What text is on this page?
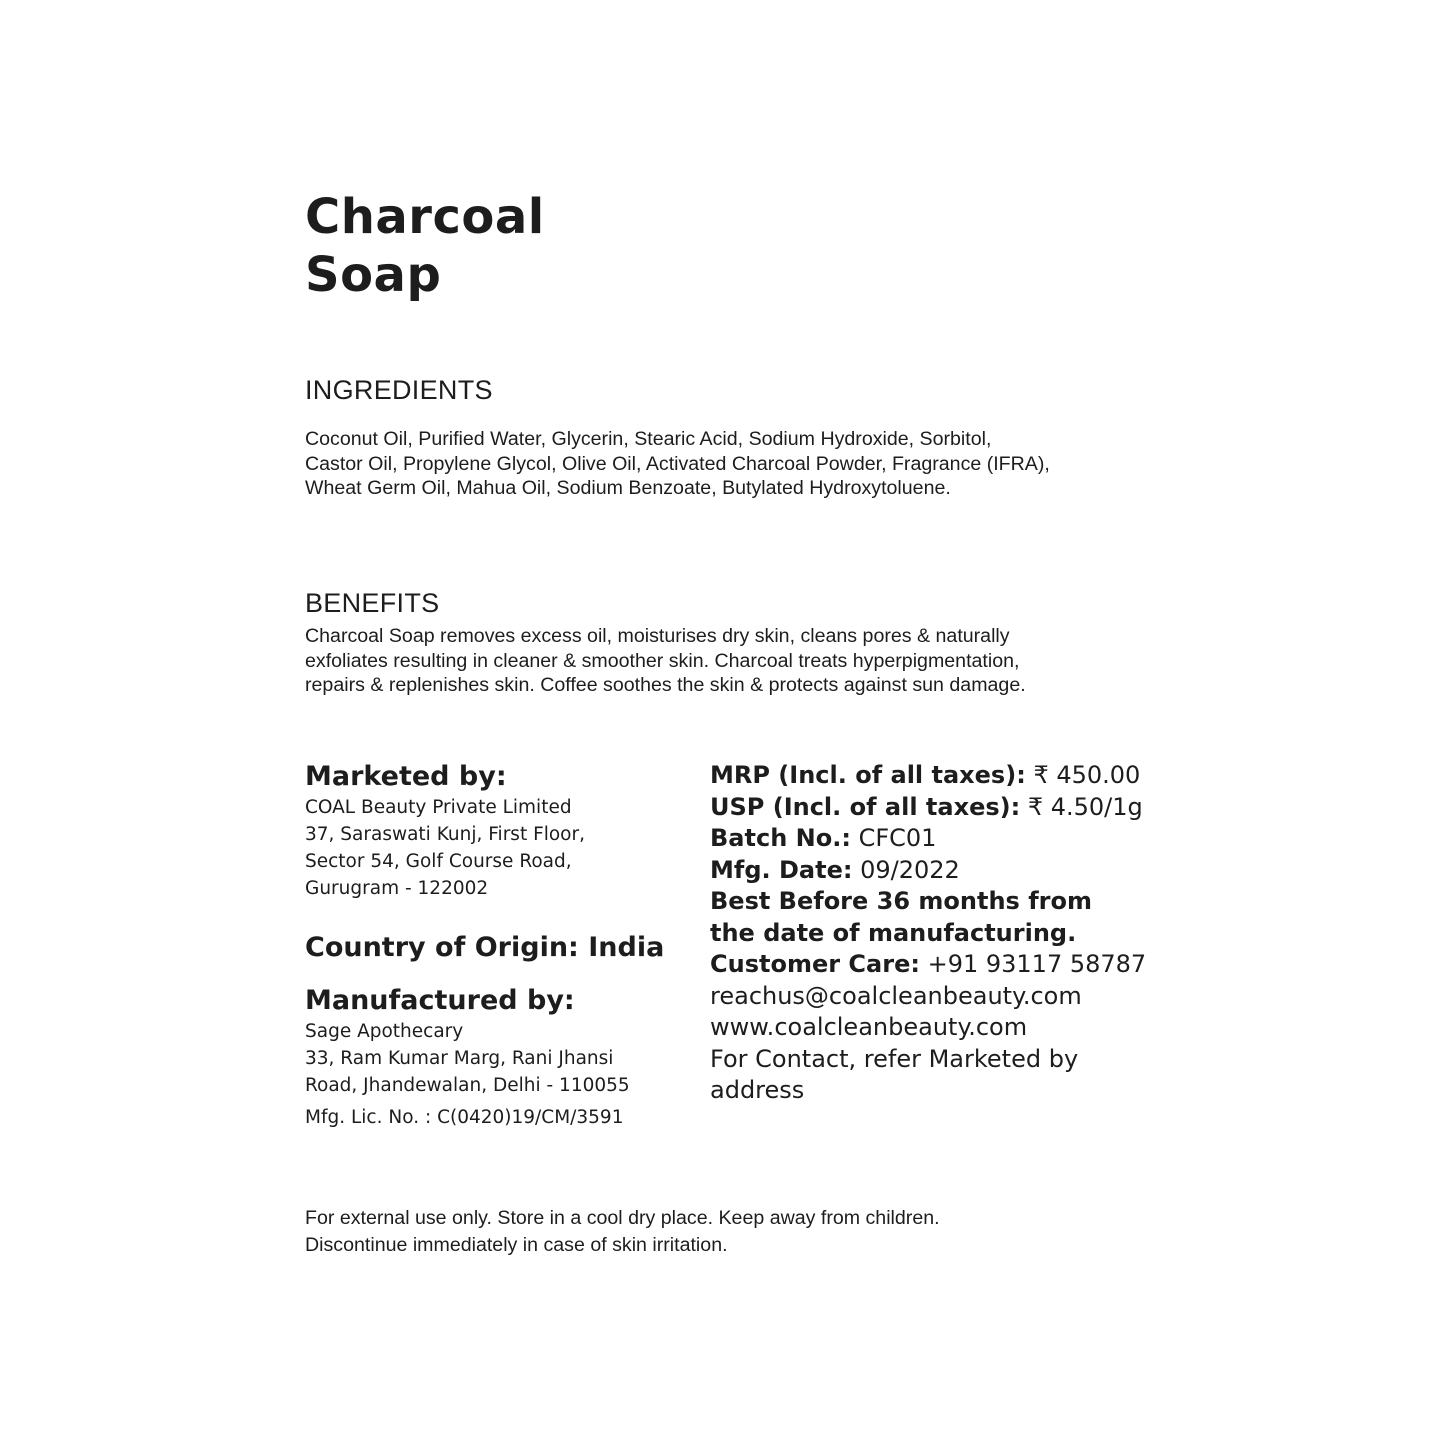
Charcoal
Soap
INGREDIENTS
Coconut Oil, Purified Water, Glycerin, Stearic Acid, Sodium Hydroxide, Sorbitol,
Castor Oil, Propylene Glycol, Olive Oil, Activated Charcoal Powder, Fragrance (IFRA),
Wheat Germ Oil, Mahua Oil, Sodium Benzoate, Butylated Hydroxytoluene.
BENEFITS
Charcoal Soap removes excess oil, moisturises dry skin, cleans pores & naturally
exfoliates resulting in cleaner & smoother skin. Charcoal treats hyperpigmentation,
repairs & replenishes skin. Coffee soothes the skin & protects against sun damage.
Marketed by:
COAL Beauty Private Limited
37, Saraswati Kunj, First Floor,
Sector 54, Golf Course Road,
Gurugram - 122002
Country of Origin: India
Manufactured by:
Sage Apothecary
33, Ram Kumar Marg, Rani Jhansi
Road, Jhandewalan, Delhi - 110055
Mfg. Lic. No. : C(0420)19/CM/3591
MRP (Incl. of all taxes): ₹ 450.00
USP (Incl. of all taxes): ₹ 4.50/1g
Batch No.: CFC01
Mfg. Date: 09/2022
Best Before 36 months from
the date of manufacturing.
Customer Care: +91 93117 58787
reachus@coalcleanbeauty.com
www.coalcleanbeauty.com
For Contact, refer Marketed by
address
For external use only. Store in a cool dry place. Keep away from children.
Discontinue immediately in case of skin irritation.
